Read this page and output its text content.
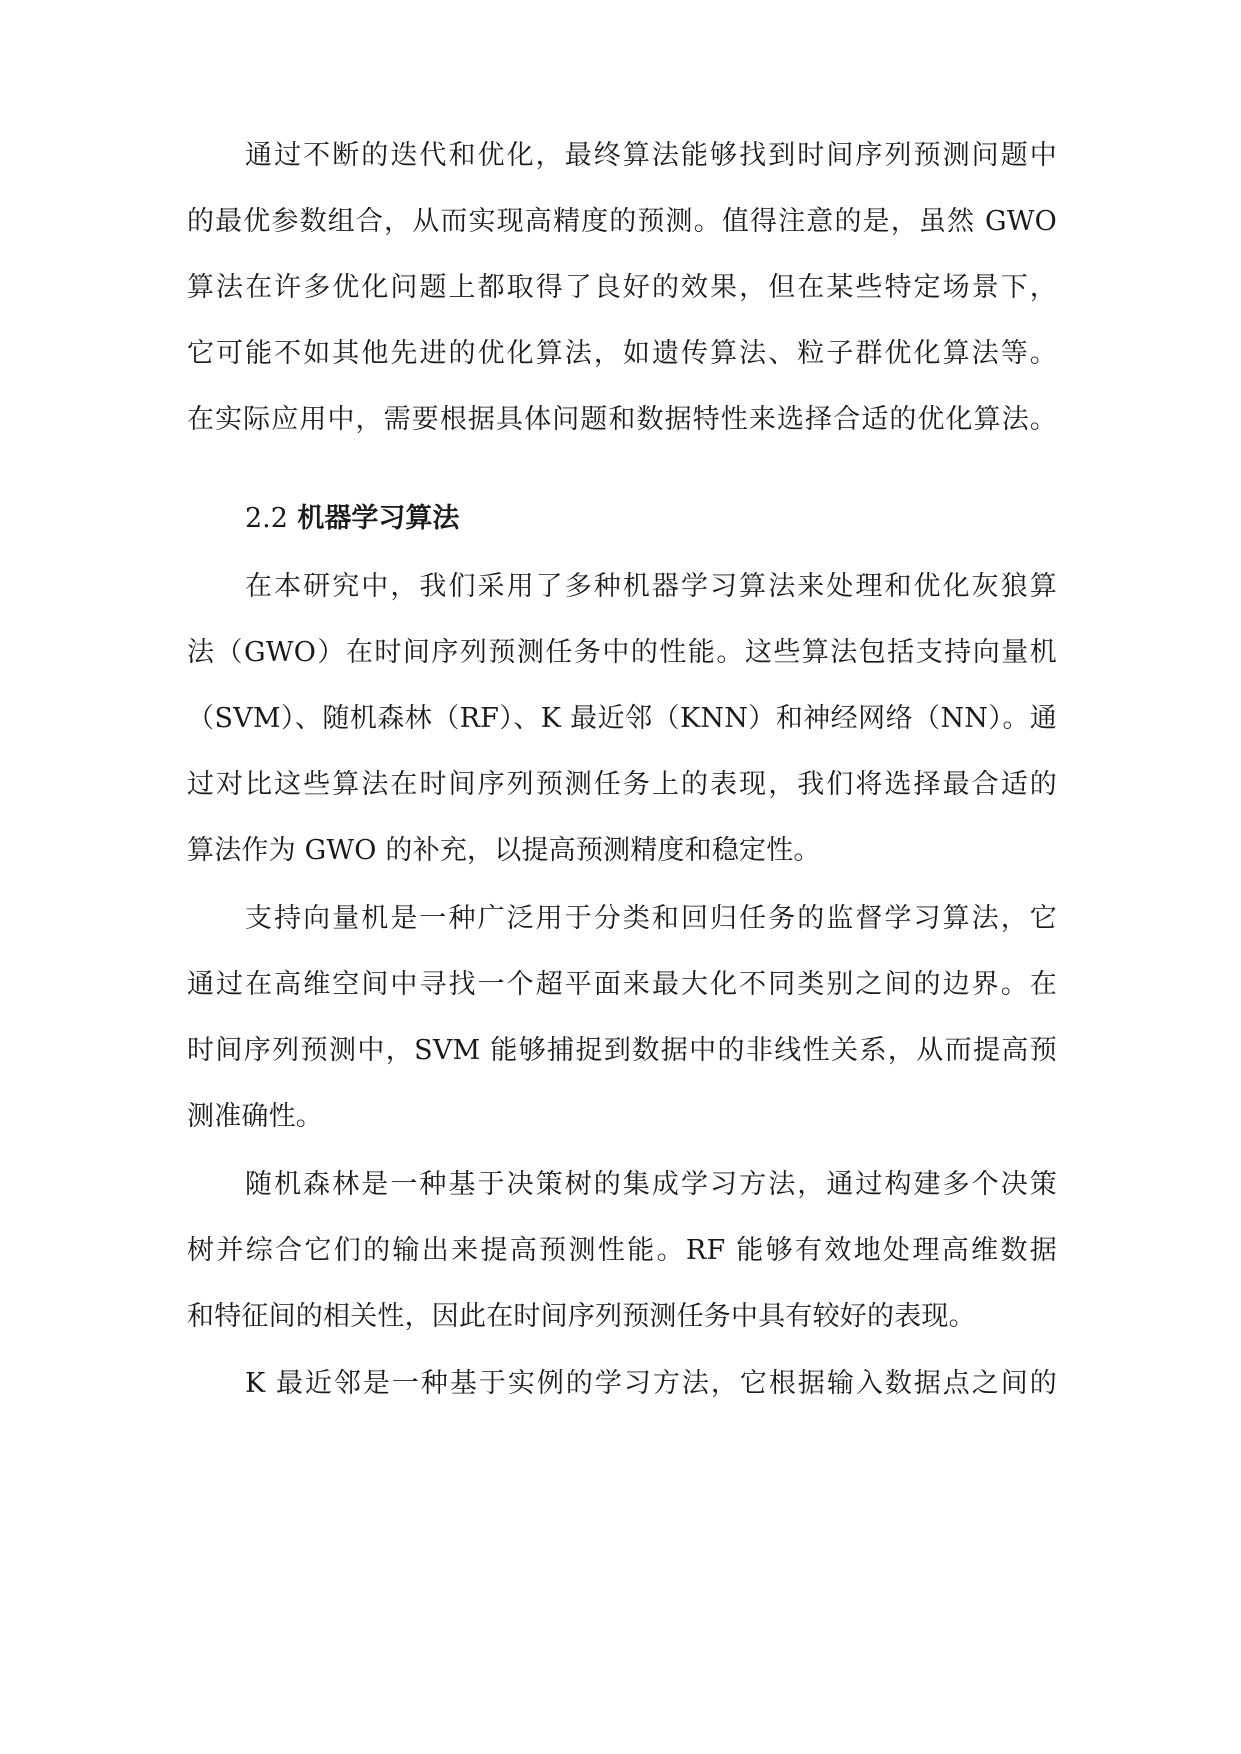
通过不断的迭代和优化，最终算法能够找到时间序列预测问题中
的最优参数组合，从而实现高精度的预测。值得注意的是，虽然 GWO
算法在许多优化问题上都取得了良好的效果，但在某些特定场景下，
它可能不如其他先进的优化算法，如遗传算法、粒子群优化算法等。
在实际应用中，需要根据具体问题和数据特性来选择合适的优化算法。
2.2 机器学习算法
在本研究中，我们采用了多种机器学习算法来处理和优化灰狼算
法（GWO）在时间序列预测任务中的性能。这些算法包括支持向量机
（SVM）、随机森林（RF）、K 最近邻（KNN）和神经网络（NN）。通
过对比这些算法在时间序列预测任务上的表现，我们将选择最合适的
算法作为 GWO 的补充，以提高预测精度和稳定性。
支持向量机是一种广泛用于分类和回归任务的监督学习算法，它
通过在高维空间中寻找一个超平面来最大化不同类别之间的边界。在
时间序列预测中，SVM 能够捕捉到数据中的非线性关系，从而提高预
测准确性。
随机森林是一种基于决策树的集成学习方法，通过构建多个决策
树并综合它们的输出来提高预测性能。RF 能够有效地处理高维数据
和特征间的相关性，因此在时间序列预测任务中具有较好的表现。
K 最近邻是一种基于实例的学习方法，它根据输入数据点之间的
